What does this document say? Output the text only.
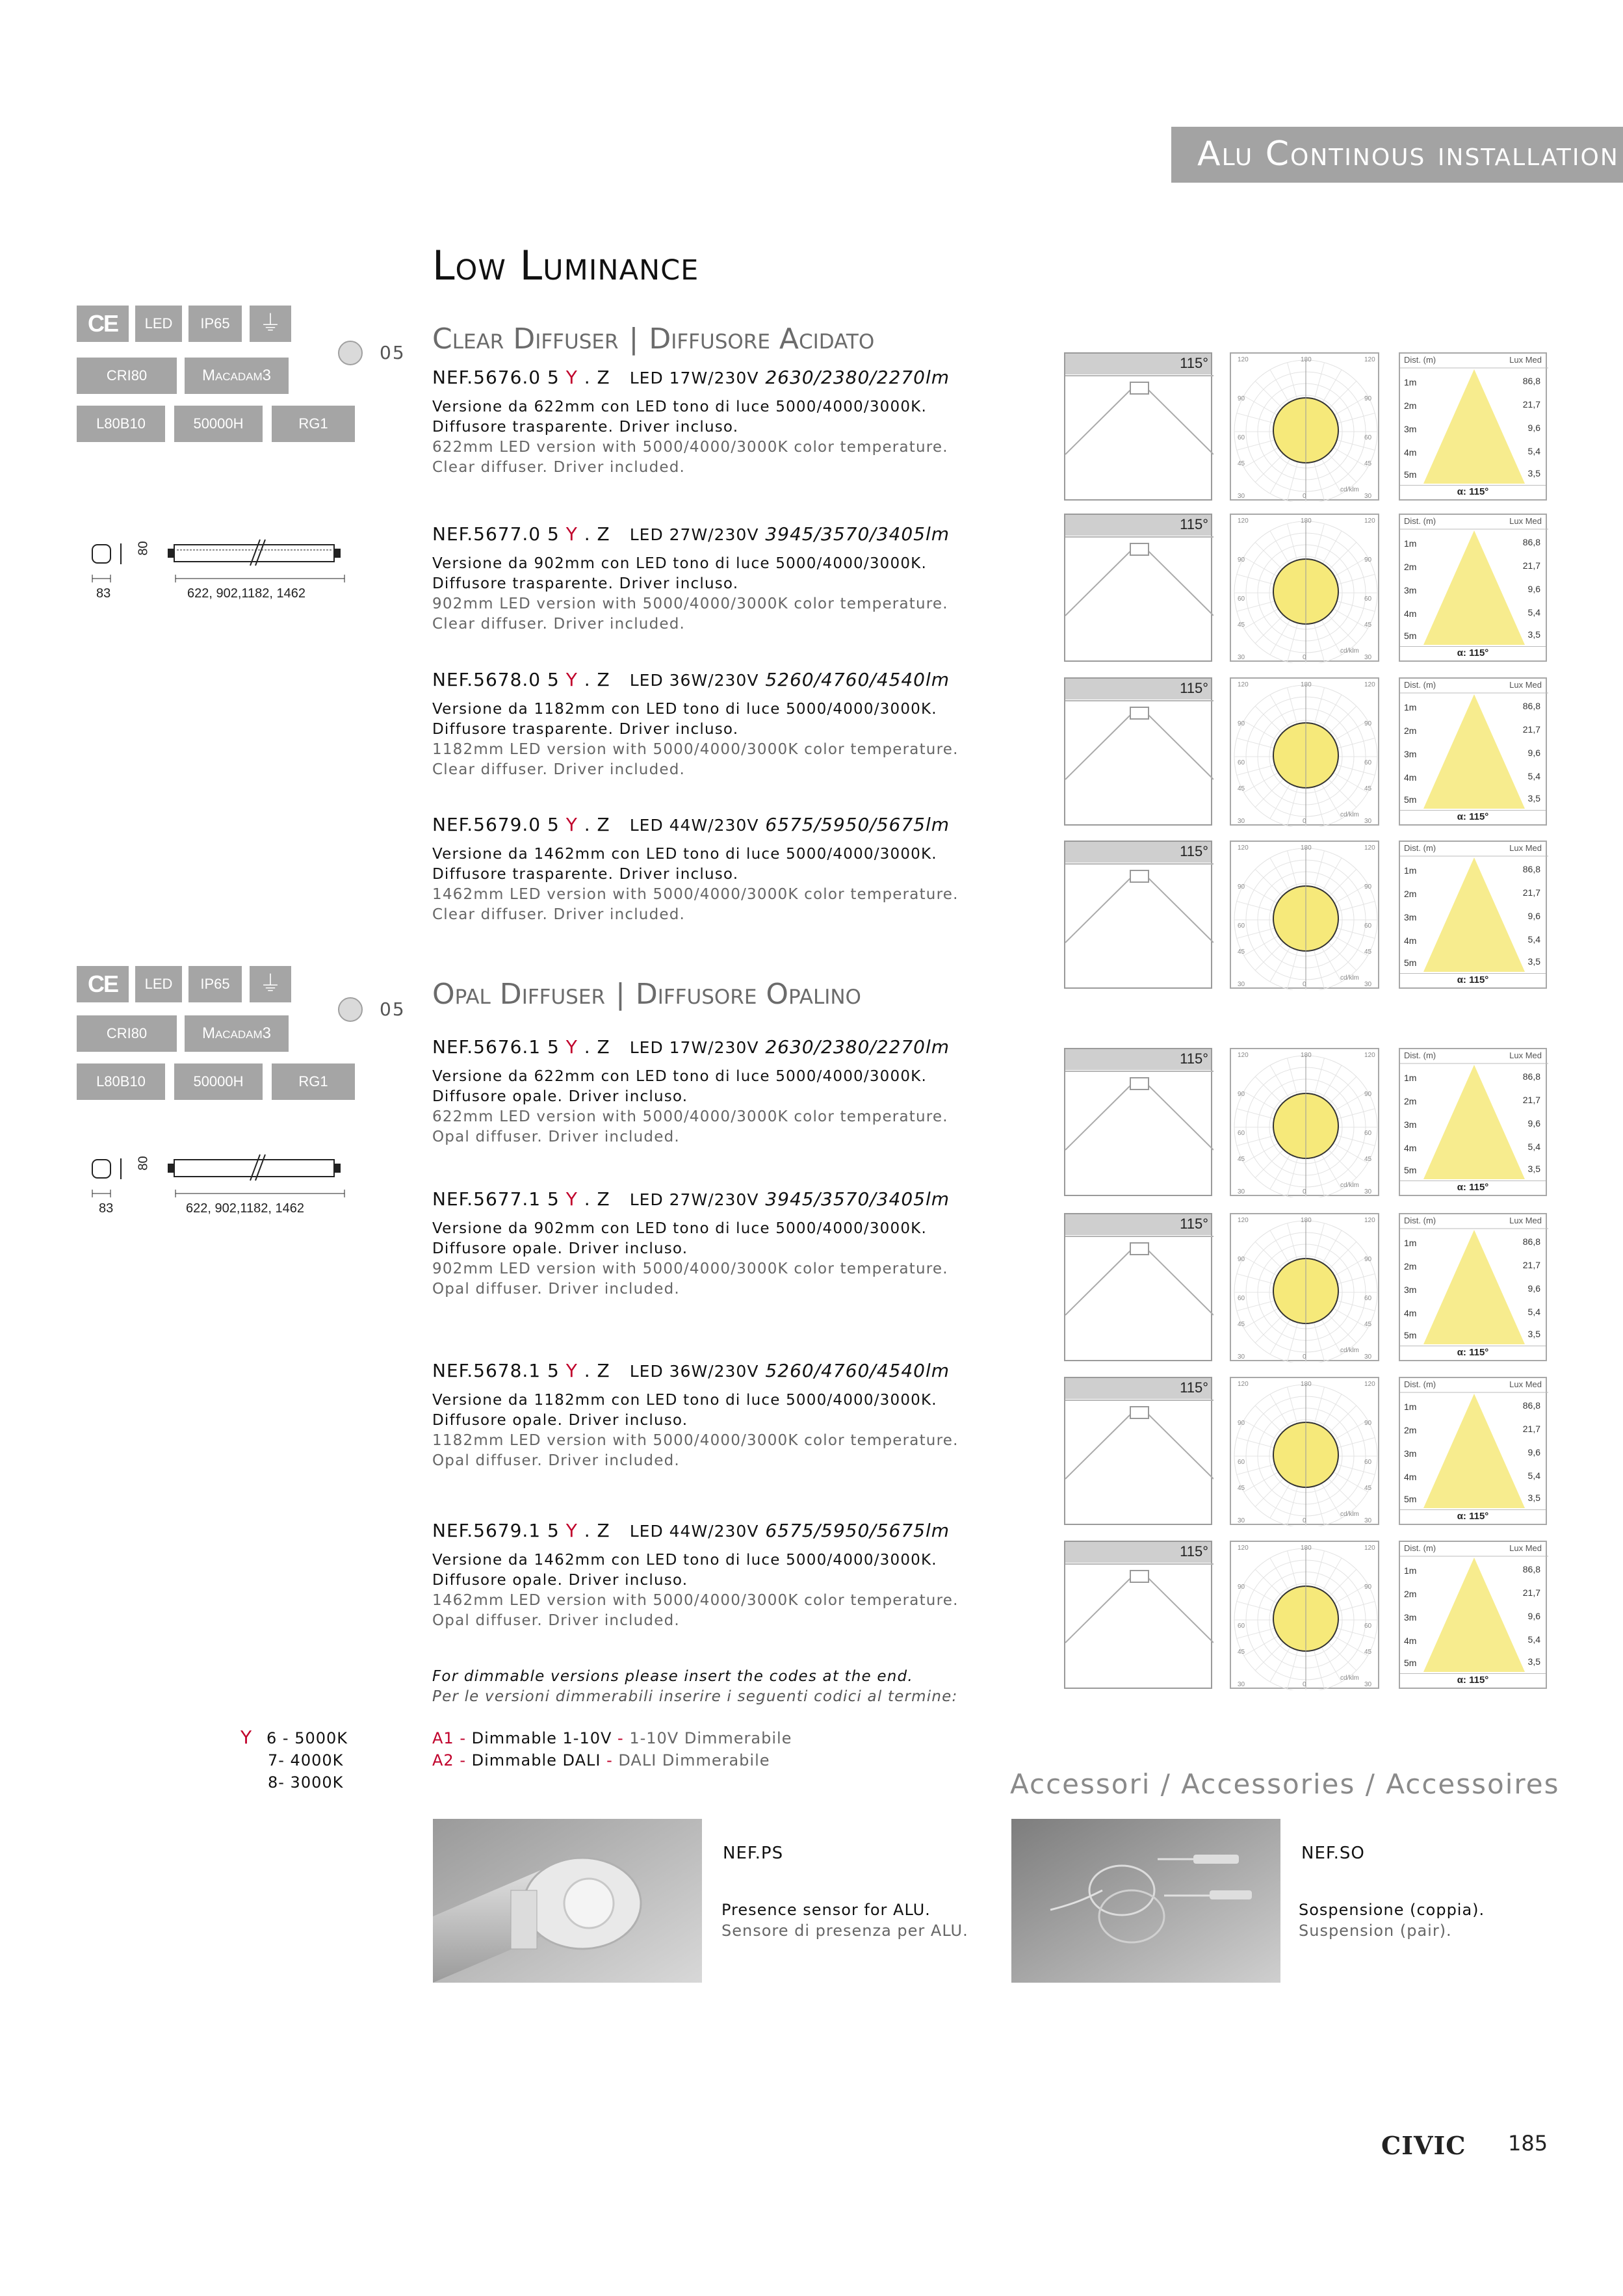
Alu Continous installation
Low Luminance
CE	LED	IP65	⏚
CRI80	Macadam3
L80B10	50000H	RG1
05 Clear Diffuser | Diffusore Acidato
80
83	622, 902,1182, 1462
NEF.5676.0 5 Y . Z LED 17W/230V 2630/2380/2270lm
Versione da 622mm con LED tono di luce 5000/4000/3000K.
Diffusore trasparente. Driver incluso.
622mm LED version with 5000/4000/3000K color temperature.
Clear diffuser. Driver included.
NEF.5677.0 5 Y . Z LED 27W/230V 3945/3570/3405lm
Versione da 902mm con LED tono di luce 5000/4000/3000K.
Diffusore trasparente. Driver incluso.
902mm LED version with 5000/4000/3000K color temperature.
Clear diffuser. Driver included.
NEF.5678.0 5 Y . Z LED 36W/230V 5260/4760/4540lm
Versione da 1182mm con LED tono di luce 5000/4000/3000K.
Diffusore trasparente. Driver incluso.
1182mm LED version with 5000/4000/3000K color temperature.
Clear diffuser. Driver included.
NEF.5679.0 5 Y . Z LED 44W/230V 6575/5950/5675lm
Versione da 1462mm con LED tono di luce 5000/4000/3000K.
Diffusore trasparente. Driver incluso.
1462mm LED version with 5000/4000/3000K color temperature.
Clear diffuser. Driver included.
CE	LED	IP65	⏚
CRI80	Macadam3
L80B10	50000H	RG1
05 Opal Diffuser | Diffusore Opalino
80
83	622, 902,1182, 1462
NEF.5676.1 5 Y . Z LED 17W/230V 2630/2380/2270lm
Versione da 622mm con LED tono di luce 5000/4000/3000K.
Diffusore opale. Driver incluso.
622mm LED version with 5000/4000/3000K color temperature.
Opal diffuser. Driver included.
NEF.5677.1 5 Y . Z LED 27W/230V 3945/3570/3405lm
Versione da 902mm con LED tono di luce 5000/4000/3000K.
Diffusore opale. Driver incluso.
902mm LED version with 5000/4000/3000K color temperature.
Opal diffuser. Driver included.
NEF.5678.1 5 Y . Z LED 36W/230V 5260/4760/4540lm
Versione da 1182mm con LED tono di luce 5000/4000/3000K.
Diffusore opale. Driver incluso.
1182mm LED version with 5000/4000/3000K color temperature.
Opal diffuser. Driver included.
NEF.5679.1 5 Y . Z LED 44W/230V 6575/5950/5675lm
Versione da 1462mm con LED tono di luce 5000/4000/3000K.
Diffusore opale. Driver incluso.
1462mm LED version with 5000/4000/3000K color temperature.
Opal diffuser. Driver included.
115°	120	180	120
90	90
60	60
45	45
30	0	30
cd/klm
Dist. (m)	Lux Med
1m	86,8
2m	21,7
3m	9,6
4m	5,4
5m	3,5
α: 115°
115°	120	180	120
90	90
60	60
45	45
30	0	30
cd/klm
Dist. (m)	Lux Med
1m	86,8
2m	21,7
3m	9,6
4m	5,4
5m	3,5
α: 115°
115°	120	180	120
90	90
60	60
45	45
30	0	30
cd/klm
Dist. (m)	Lux Med
1m	86,8
2m	21,7
3m	9,6
4m	5,4
5m	3,5
α: 115°
115°	120	180	120
90	90
60	60
45	45
30	0	30
cd/klm
Dist. (m)	Lux Med
1m	86,8
2m	21,7
3m	9,6
4m	5,4
5m	3,5
α: 115°
115°	120	180	120
90	90
60	60
45	45
30	0	30
cd/klm
Dist. (m)	Lux Med
1m	86,8
2m	21,7
3m	9,6
4m	5,4
5m	3,5
α: 115°
115°	120	180	120
90	90
60	60
45	45
30	0	30
cd/klm
Dist. (m)	Lux Med
1m	86,8
2m	21,7
3m	9,6
4m	5,4
5m	3,5
α: 115°
115°	120	180	120
90	90
60	60
45	45
30	0	30
cd/klm
Dist. (m)	Lux Med
1m	86,8
2m	21,7
3m	9,6
4m	5,4
5m	3,5
α: 115°
115°	120	180	120
90	90
60	60
45	45
30	0	30
cd/klm
Dist. (m)	Lux Med
1m	86,8
2m	21,7
3m	9,6
4m	5,4
5m	3,5
α: 115°
For dimmable versions please insert the codes at the end.
Per le versioni dimmerabili inserire i seguenti codici al termine:
A1 - Dimmable 1-10V - 1-10V Dimmerabile
A2 - Dimmable DALI - DALI Dimmerabile
Y 6 - 5000K
7- 4000K
8- 3000K	Accessori / Accessories / Accessoires
NEF.PS
Presence sensor for ALU.
Sensore di presenza per ALU.
NEF.SO
Sospensione (coppia).
Suspension (pair).
CIVIC 185
